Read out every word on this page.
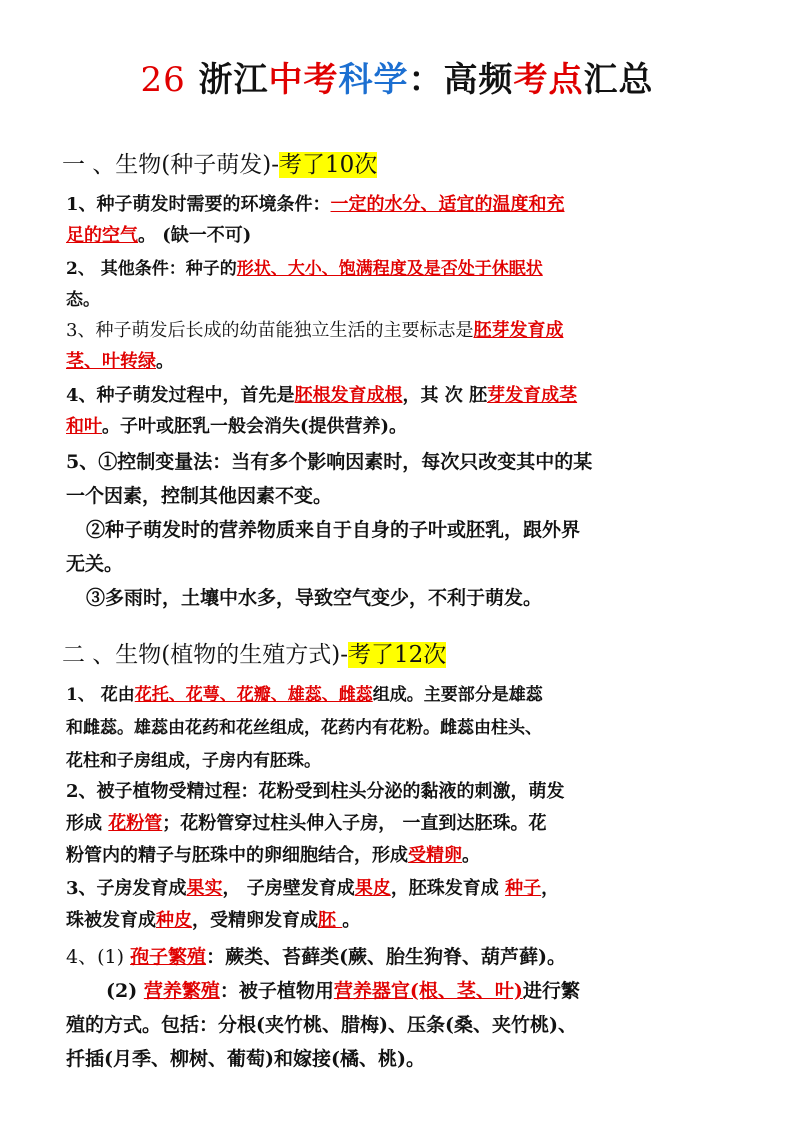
26 浙江中考科学：高频考点汇总
一 、生物(种子萌发)-考了10次
1、种子萌发时需要的环境条件：一定的水分、适宜的温度和充
足的空气。 (缺一不可)
2、 其他条件：种子的形状、大小、饱满程度及是否处于休眠状
态。
3、种子萌发后长成的幼苗能独立生活的主要标志是胚芽发育成
茎、叶转绿。
4、种子萌发过程中，首先是胚根发育成根，其 次 胚芽发育成茎
和叶。子叶或胚乳一般会消失(提供营养)。
5、①控制变量法：当有多个影响因素时，每次只改变其中的某
一个因素，控制其他因素不变。
②种子萌发时的营养物质来自于自身的子叶或胚乳，跟外界
无关。
③多雨时，土壤中水多，导致空气变少，不利于萌发。
二 、生物(植物的生殖方式)-考了12次
1、 花由花托、花萼、花瓣、雄蕊、雌蕊组成。主要部分是雄蕊
和雌蕊。雄蕊由花药和花丝组成，花药内有花粉。雌蕊由柱头、
花柱和子房组成，子房内有胚珠。
2、被子植物受精过程：花粉受到柱头分泌的黏液的刺激，萌发
形成 花粉管；花粉管穿过柱头伸入子房， 一直到达胚珠。花
粉管内的精子与胚珠中的卵细胞结合，形成受精卵。
3、子房发育成果实， 子房壁发育成果皮，胚珠发育成 种子，
珠被发育成种皮，受精卵发育成胚 。
4、(1) 孢子繁殖：蕨类、苔藓类(蕨、胎生狗脊、葫芦藓)。
(2) 营养繁殖：被子植物用营养器官(根、茎、叶)进行繁
殖的方式。包括：分根(夹竹桃、腊梅)、压条(桑、夹竹桃)、
扦插(月季、柳树、葡萄)和嫁接(橘、桃)。
